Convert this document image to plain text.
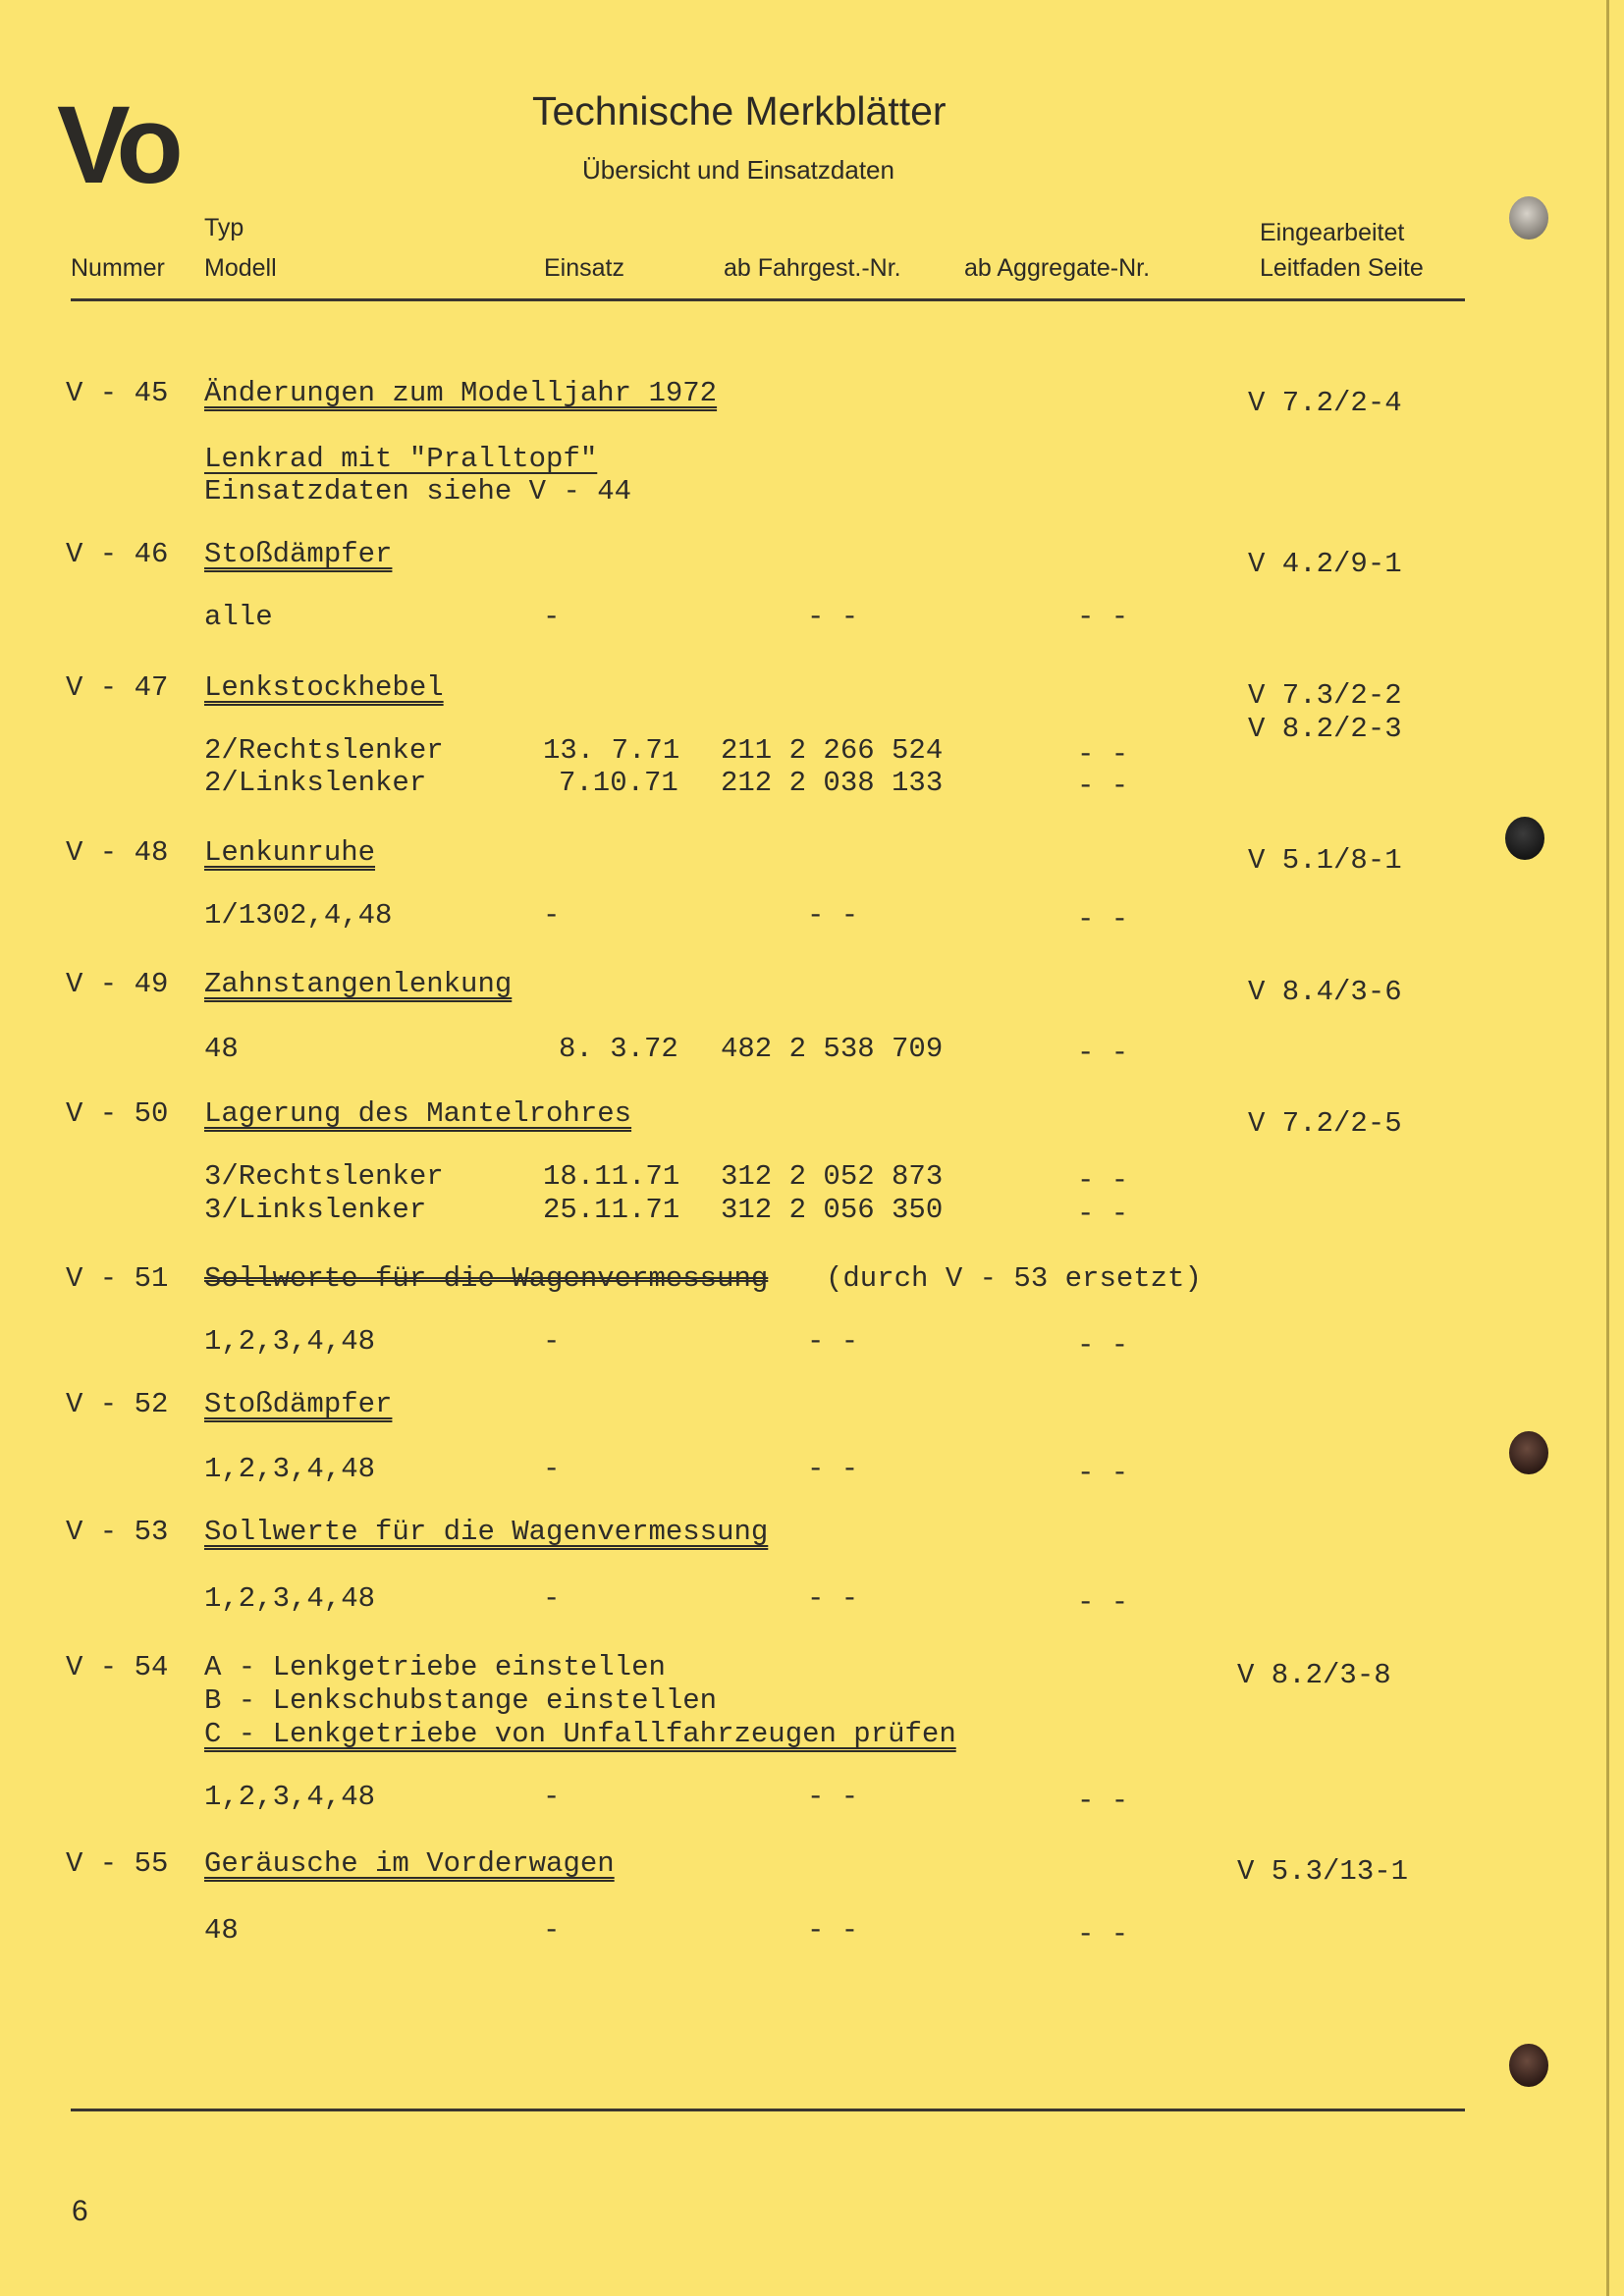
Vo	Technische Merkblätter
Übersicht und Einsatzdaten
Typ
Nummer Modell	Einsatz	ab Fahrgest.-Nr.	ab Aggregate-Nr.
Eingearbeitet
Leitfaden Seite
V - 45 Änderungen zum Modelljahr 1972	V 7.2/2-4
Lenkrad mit "Pralltopf"
Einsatzdaten siehe V - 44
V - 46 Stoßdämpfer	V 4.2/9-1
alle	-	- -	- -
V - 47 Lenkstockhebel	V 7.3/2-2
V 8.2/2-3
2/Rechtslenker	13. 7.71 211 2 266 524	- -
2/Linkslenker	7.10.71 212 2 038 133	- -
V - 48 Lenkunruhe	V 5.1/8-1
1/1302,4,48	-	- -	- -
V - 49 Zahnstangenlenkung	V 8.4/3-6
48	8. 3.72 482 2 538 709	- -
V - 50 Lagerung des Mantelrohres	V 7.2/2-5
3/Rechtslenker	18.11.71 312 2 052 873	- -
3/Linkslenker	25.11.71 312 2 056 350	- -
V - 51 Sollwerte für die Wagenvermessung (durch V - 53 ersetzt)
1,2,3,4,48	-	- -	- -
V - 52 Stoßdämpfer
1,2,3,4,48	-	- -	- -
V - 53 Sollwerte für die Wagenvermessung
1,2,3,4,48	-	- -	- -
V - 54 A - Lenkgetriebe einstellen
B - Lenkschubstange einstellen
C - Lenkgetriebe von Unfallfahrzeugen prüfen
V 8.2/3-8
1,2,3,4,48	-	- -	- -
V - 55 Geräusche im Vorderwagen	V 5.3/13-1
48	-	- -	- -
6
